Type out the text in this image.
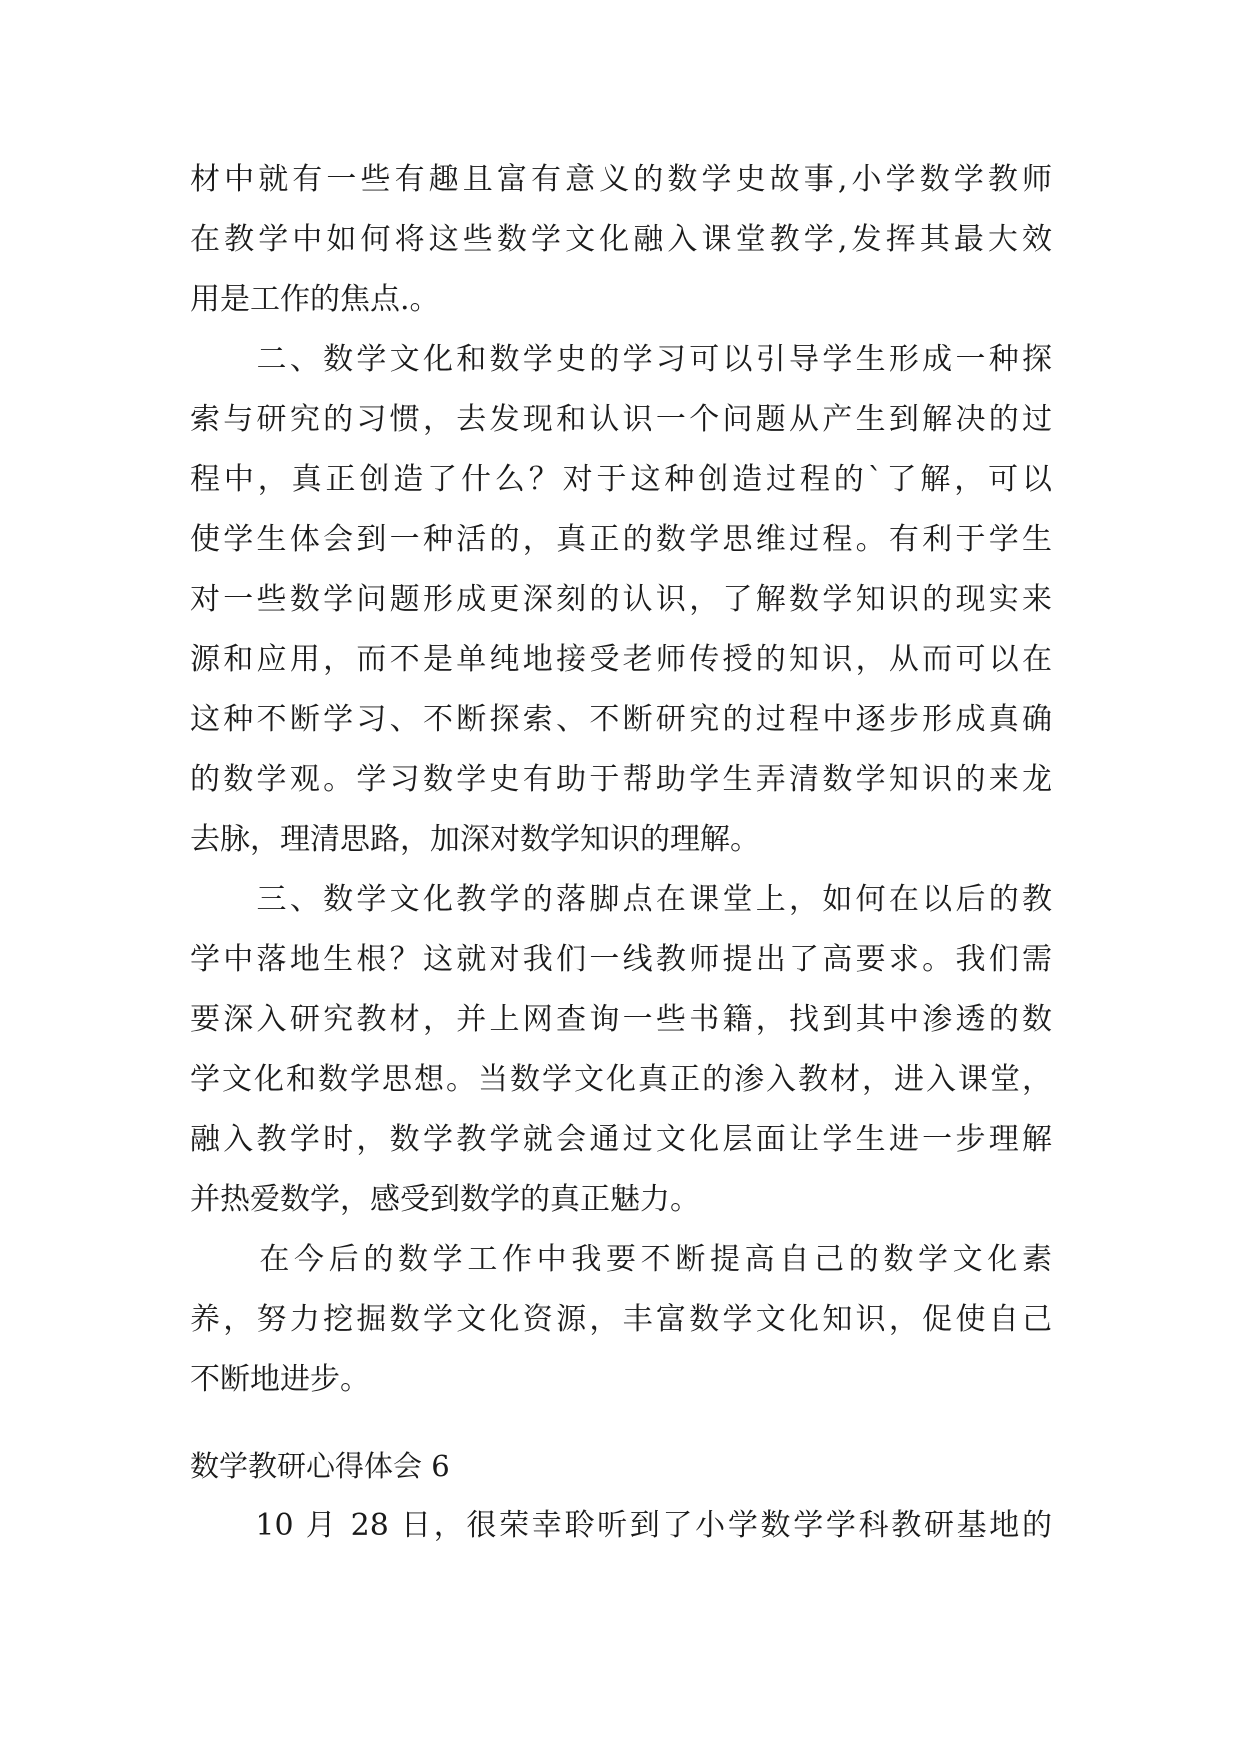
材中就有一些有趣且富有意义的数学史故事,小学数学教师
在教学中如何将这些数学文化融入课堂教学,发挥其最大效
用是工作的焦点.。
　　二、数学文化和数学史的学习可以引导学生形成一种探
索与研究的习惯，去发现和认识一个问题从产生到解决的过
程中，真正创造了什么？对于这种创造过程的`了解，可以
使学生体会到一种活的，真正的数学思维过程。有利于学生
对一些数学问题形成更深刻的认识，了解数学知识的现实来
源和应用，而不是单纯地接受老师传授的知识，从而可以在
这种不断学习、不断探索、不断研究的过程中逐步形成真确
的数学观。学习数学史有助于帮助学生弄清数学知识的来龙
去脉，理清思路，加深对数学知识的理解。
　　三、数学文化教学的落脚点在课堂上，如何在以后的教
学中落地生根？这就对我们一线教师提出了高要求。我们需
要深入研究教材，并上网查询一些书籍，找到其中渗透的数
学文化和数学思想。当数学文化真正的渗入教材，进入课堂，
融入教学时，数学教学就会通过文化层面让学生进一步理解
并热爱数学，感受到数学的真正魅力。
　　在今后的数学工作中我要不断提高自己的数学文化素
养，努力挖掘数学文化资源，丰富数学文化知识，促使自己
不断地进步。
数学教研心得体会 6
　　10 月 28 日，很荣幸聆听到了小学数学学科教研基地的
